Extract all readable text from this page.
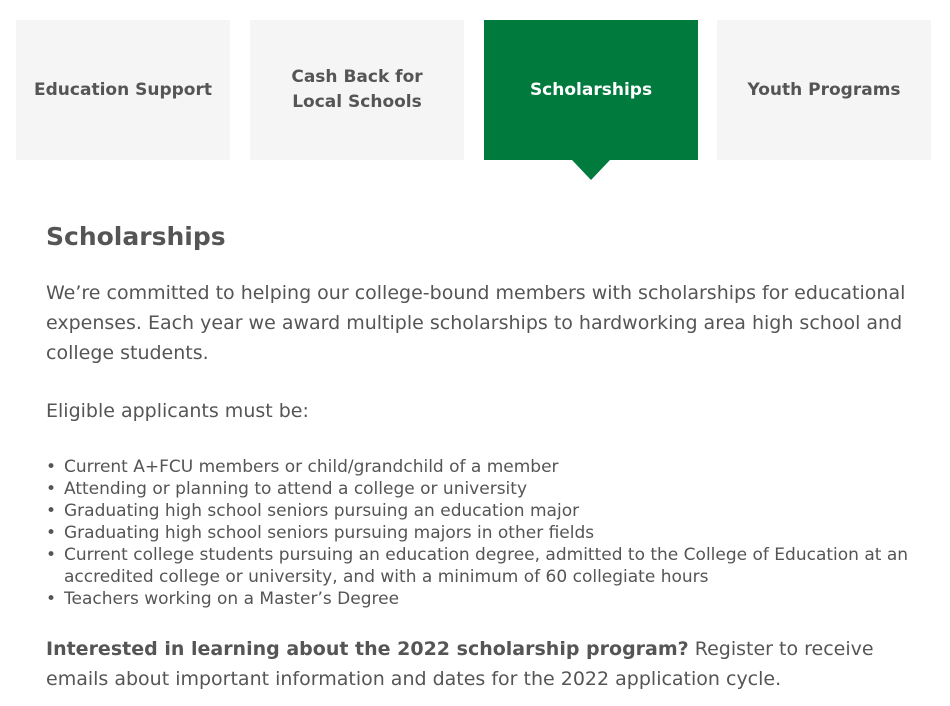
Education Support
Cash Back for Local Schools
Scholarships	Youth Programs
Scholarships

We’re committed to helping our college-bound members with scholarships for educational expenses. Each year we award multiple scholarships to hardworking area high school and college students.

Eligible applicants must be:

• Current A+FCU members or child/grandchild of a member
• Attending or planning to attend a college or university
• Graduating high school seniors pursuing an education major
• Graduating high school seniors pursuing majors in other fields
• Current college students pursuing an education degree, admitted to the College of Education at an accredited college or university, and with a minimum of 60 collegiate hours
• Teachers working on a Master’s Degree

Interested in learning about the 2022 scholarship program? Register to receive emails about important information and dates for the 2022 application cycle.
